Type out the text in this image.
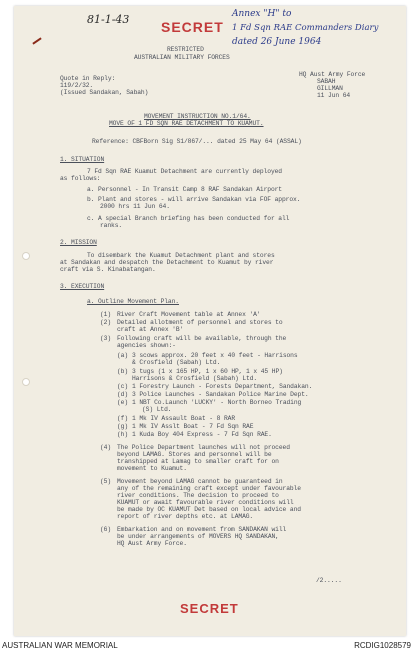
81-1-43	Annex "H" to
1 Fd Sqn RAE Commanders Diary
dated 26 June 1964
SECRET
RESTRICTED
AUSTRALIAN MILITARY FORCES
HQ Aust Army Force
SABAH
GILLMAN
11 Jun 64
Quote in Reply:
119/2/32.
(Issued Sandakan, Sabah)
MOVEMENT INSTRUCTION NO.1/64.
MOVE OF 1 FD SQN RAE DETACHMENT TO KUAMUT.
Reference: CBFBorn Sig S1/867/... dated 25 May 64 (ASSAL)
1. SITUATION
7 Fd Sqn RAE Kuamut Detachment are currently deployed
as follows:
a. Personnel - In Transit Camp 8 RAF Sandakan Airport
b. Plant and stores - will arrive Sandakan via FOF approx.
2000 hrs 11 Jun 64.
c. A special Branch briefing has been conducted for all
ranks.
2. MISSION
To disembark the Kuamut Detachment plant and stores
at Sandakan and despatch the Detachment to Kuamut by river
craft via S. Kinabatangan.
3. EXECUTION
a. Outline Movement Plan.
(1) River Craft Movement table at Annex 'A'
(2) Detailed allotment of personnel and stores to
craft at Annex 'B'
(3) Following craft will be available, through the
agencies shown:-
(a) 3 scows approx. 20 feet x 40 feet - Harrisons
& Crosfield (Sabah) Ltd.
(b) 3 tugs (1 x 165 HP, 1 x 60 HP, 1 x 45 HP)
Harrisons & Crosfield (Sabah) Ltd.
(c) 1 Forestry Launch - Forests Department, Sandakan.
(d) 3 Police Launches - Sandakan Police Marine Dept.
(e) 1 NBT Co.Launch 'LUCKY' - North Borneo Trading
(S) Ltd.
(f) 1 Mk IV Assault Boat - 8 RAR
(g) 1 Mk IV Asslt Boat - 7 Fd Sqn RAE
(h) 1 Kuda Boy 404 Express - 7 Fd Sqn RAE.
(4) The Police Department launches will not proceed
beyond LAMAG. Stores and personnel will be
transhipped at Lamag to smaller craft for on
movement to Kuamut.
(5) Movement beyond LAMAG cannot be guaranteed in
any of the remaining craft except under favourable
river conditions. The decision to proceed to
KUAMUT or await favourable river conditions will
be made by OC KUAMUT Det based on local advice and
report of river depths etc. at LAMAG.
(6) Embarkation and on movement from SANDAKAN will
be under arrangements of MOVERS HQ SANDAKAN,
HQ Aust Army Force.
/2.....
SECRET
AUSTRALIAN WAR MEMORIAL	RCDIG1028579
